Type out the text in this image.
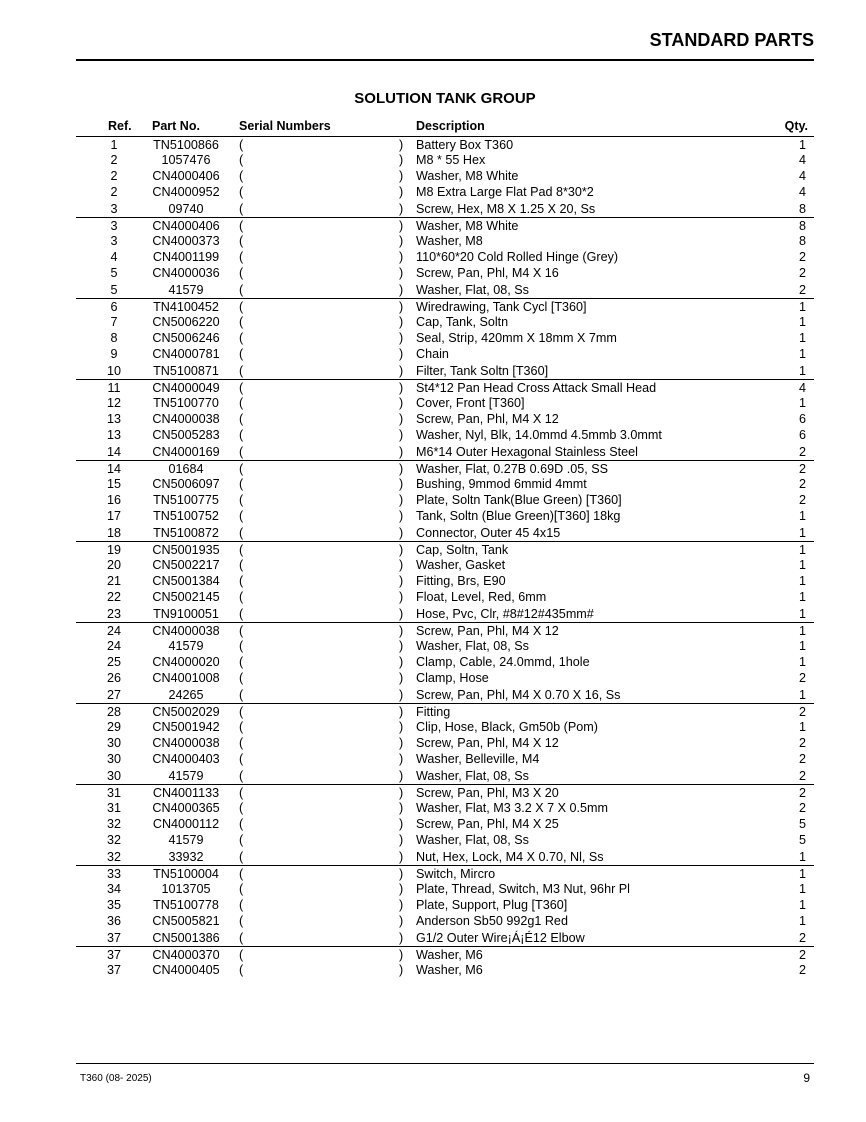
STANDARD PARTS
SOLUTION TANK GROUP
Ref. Part No.	Serial Numbers	Description	Qty.
1	TN5100866	(	) Battery Box T360	1
2	1057476	(	) M8 * 55 Hex	4
2	CN4000406	(	) Washer, M8 White	4
2	CN4000952	(	) M8 Extra Large Flat Pad 8*30*2	4
3	09740	(	) Screw, Hex, M8 X 1.25 X 20, Ss	8
3	CN4000406	(	) Washer, M8 White	8
3	CN4000373	(	) Washer, M8	8
4	CN4001199	(	) 110*60*20 Cold Rolled Hinge (Grey)	2
5	CN4000036	(	) Screw, Pan, Phl, M4 X 16	2
5	41579	(	) Washer, Flat, 08, Ss	2
6	TN4100452	(	) Wiredrawing, Tank Cycl [T360]	1
7	CN5006220	(	) Cap, Tank, Soltn	1
8	CN5006246	(	) Seal, Strip, 420mm X 18mm X 7mm	1
9	CN4000781	(	) Chain	1
10	TN5100871	(	) Filter, Tank Soltn [T360]	1
11	CN4000049	(	) St4*12 Pan Head Cross Attack Small Head	4
12	TN5100770	(	) Cover, Front [T360]	1
13	CN4000038	(	) Screw, Pan, Phl, M4 X 12	6
13	CN5005283	(	) Washer, Nyl, Blk, 14.0mmd 4.5mmb 3.0mmt	6
14	CN4000169	(	) M6*14 Outer Hexagonal Stainless Steel	2
14	01684	(	) Washer, Flat, 0.27B 0.69D .05, SS	2
15	CN5006097	(	) Bushing, 9mmod 6mmid 4mmt	2
16	TN5100775	(	) Plate, Soltn Tank(Blue Green) [T360]	2
17	TN5100752	(	) Tank, Soltn (Blue Green)[T360] 18kg	1
18	TN5100872	(	) Connector, Outer 45 4x15	1
19	CN5001935	(	) Cap, Soltn, Tank	1
20	CN5002217	(	) Washer, Gasket	1
21	CN5001384	(	) Fitting, Brs, E90	1
22	CN5002145	(	) Float, Level, Red, 6mm	1
23	TN9100051	(	) Hose, Pvc, Clr, #8#12#435mm#	1
24	CN4000038	(	) Screw, Pan, Phl, M4 X 12	1
24	41579	(	) Washer, Flat, 08, Ss	1
25	CN4000020	(	) Clamp, Cable, 24.0mmd, 1hole	1
26	CN4001008	(	) Clamp, Hose	2
27	24265	(	) Screw, Pan, Phl, M4 X 0.70 X 16, Ss	1
28	CN5002029	(	) Fitting	2
29	CN5001942	(	) Clip, Hose, Black, Gm50b (Pom)	1
30	CN4000038	(	) Screw, Pan, Phl, M4 X 12	2
30	CN4000403	(	) Washer, Belleville, M4	2
30	41579	(	) Washer, Flat, 08, Ss	2
31	CN4001133	(	) Screw, Pan, Phl, M3 X 20	2
31	CN4000365	(	) Washer, Flat, M3 3.2 X 7 X 0.5mm	2
32	CN4000112	(	) Screw, Pan, Phl, M4 X 25	5
32	41579	(	) Washer, Flat, 08, Ss	5
32	33932	(	) Nut, Hex, Lock, M4 X 0.70, Nl, Ss	1
33	TN5100004	(	) Switch, Mircro	1
34	1013705	(	) Plate, Thread, Switch, M3 Nut, 96hr Pl	1
35	TN5100778	(	) Plate, Support, Plug [T360]	1
36	CN5005821	(	) Anderson Sb50 992g1 Red	1
37	CN5001386	(	) G1/2 Outer Wire¡Á¡É12 Elbow	2
37	CN4000370	(	) Washer, M6	2
37	CN4000405	(	) Washer, M6	2
T360 (08- 2025)	9
